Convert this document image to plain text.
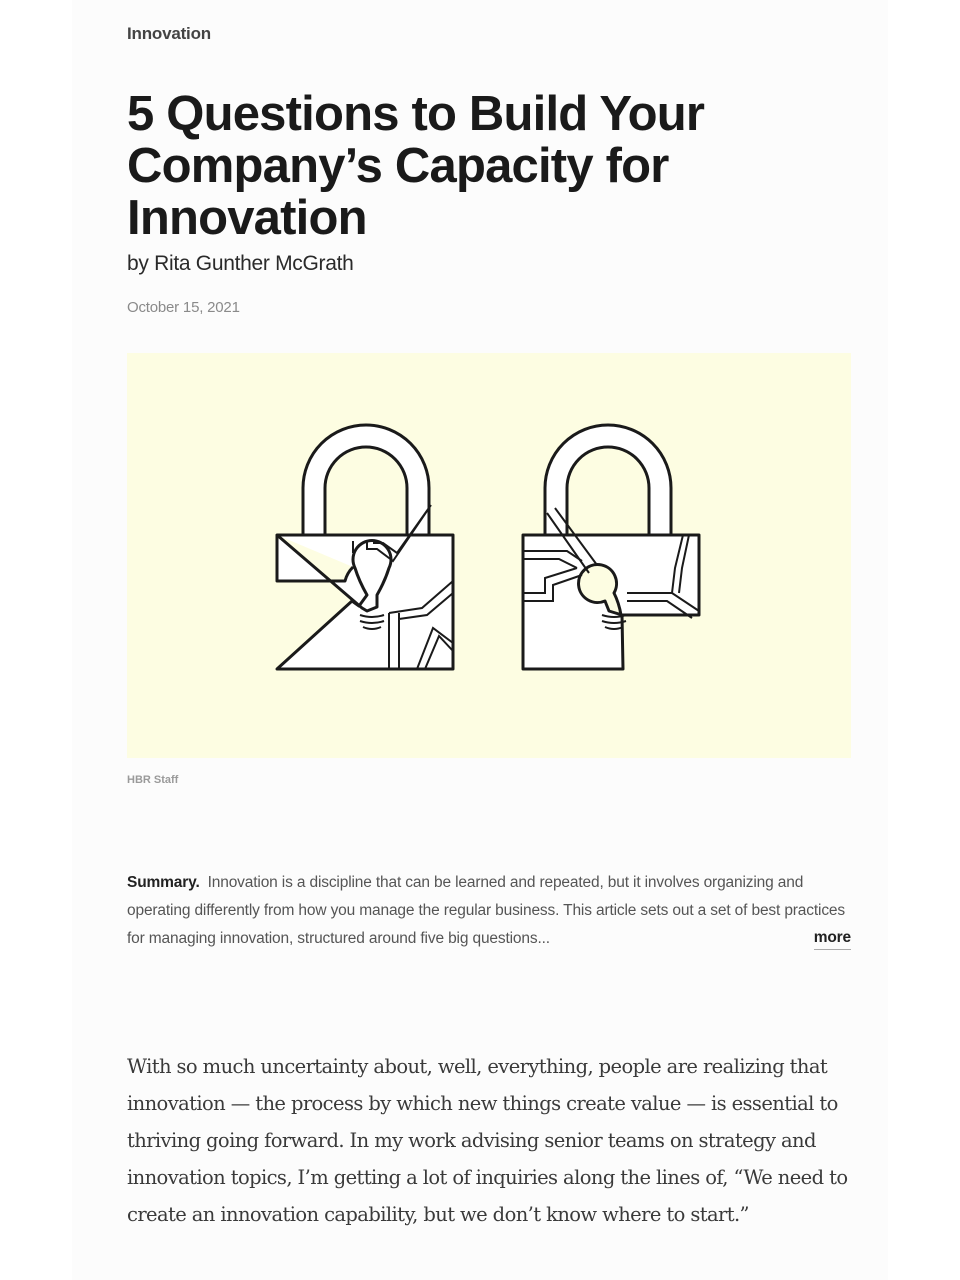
Innovation
5 Questions to Build Your Company’s Capacity for Innovation
by Rita Gunther McGrath
October 15, 2021
HBR Staff
Summary. Innovation is a discipline that can be learned and repeated, but it involves organizing and operating differently from how you manage the regular business. This article sets out a set of best practices for managing innovation, structured around five big questions...	more

With so much uncertainty about, well, everything, people are realizing that innovation — the process by which new things create value — is essential to thriving going forward. In my work advising senior teams on strategy and innovation topics, I’m getting a lot of inquiries along the lines of, “We need to create an innovation capability, but we don’t know where to start.”
